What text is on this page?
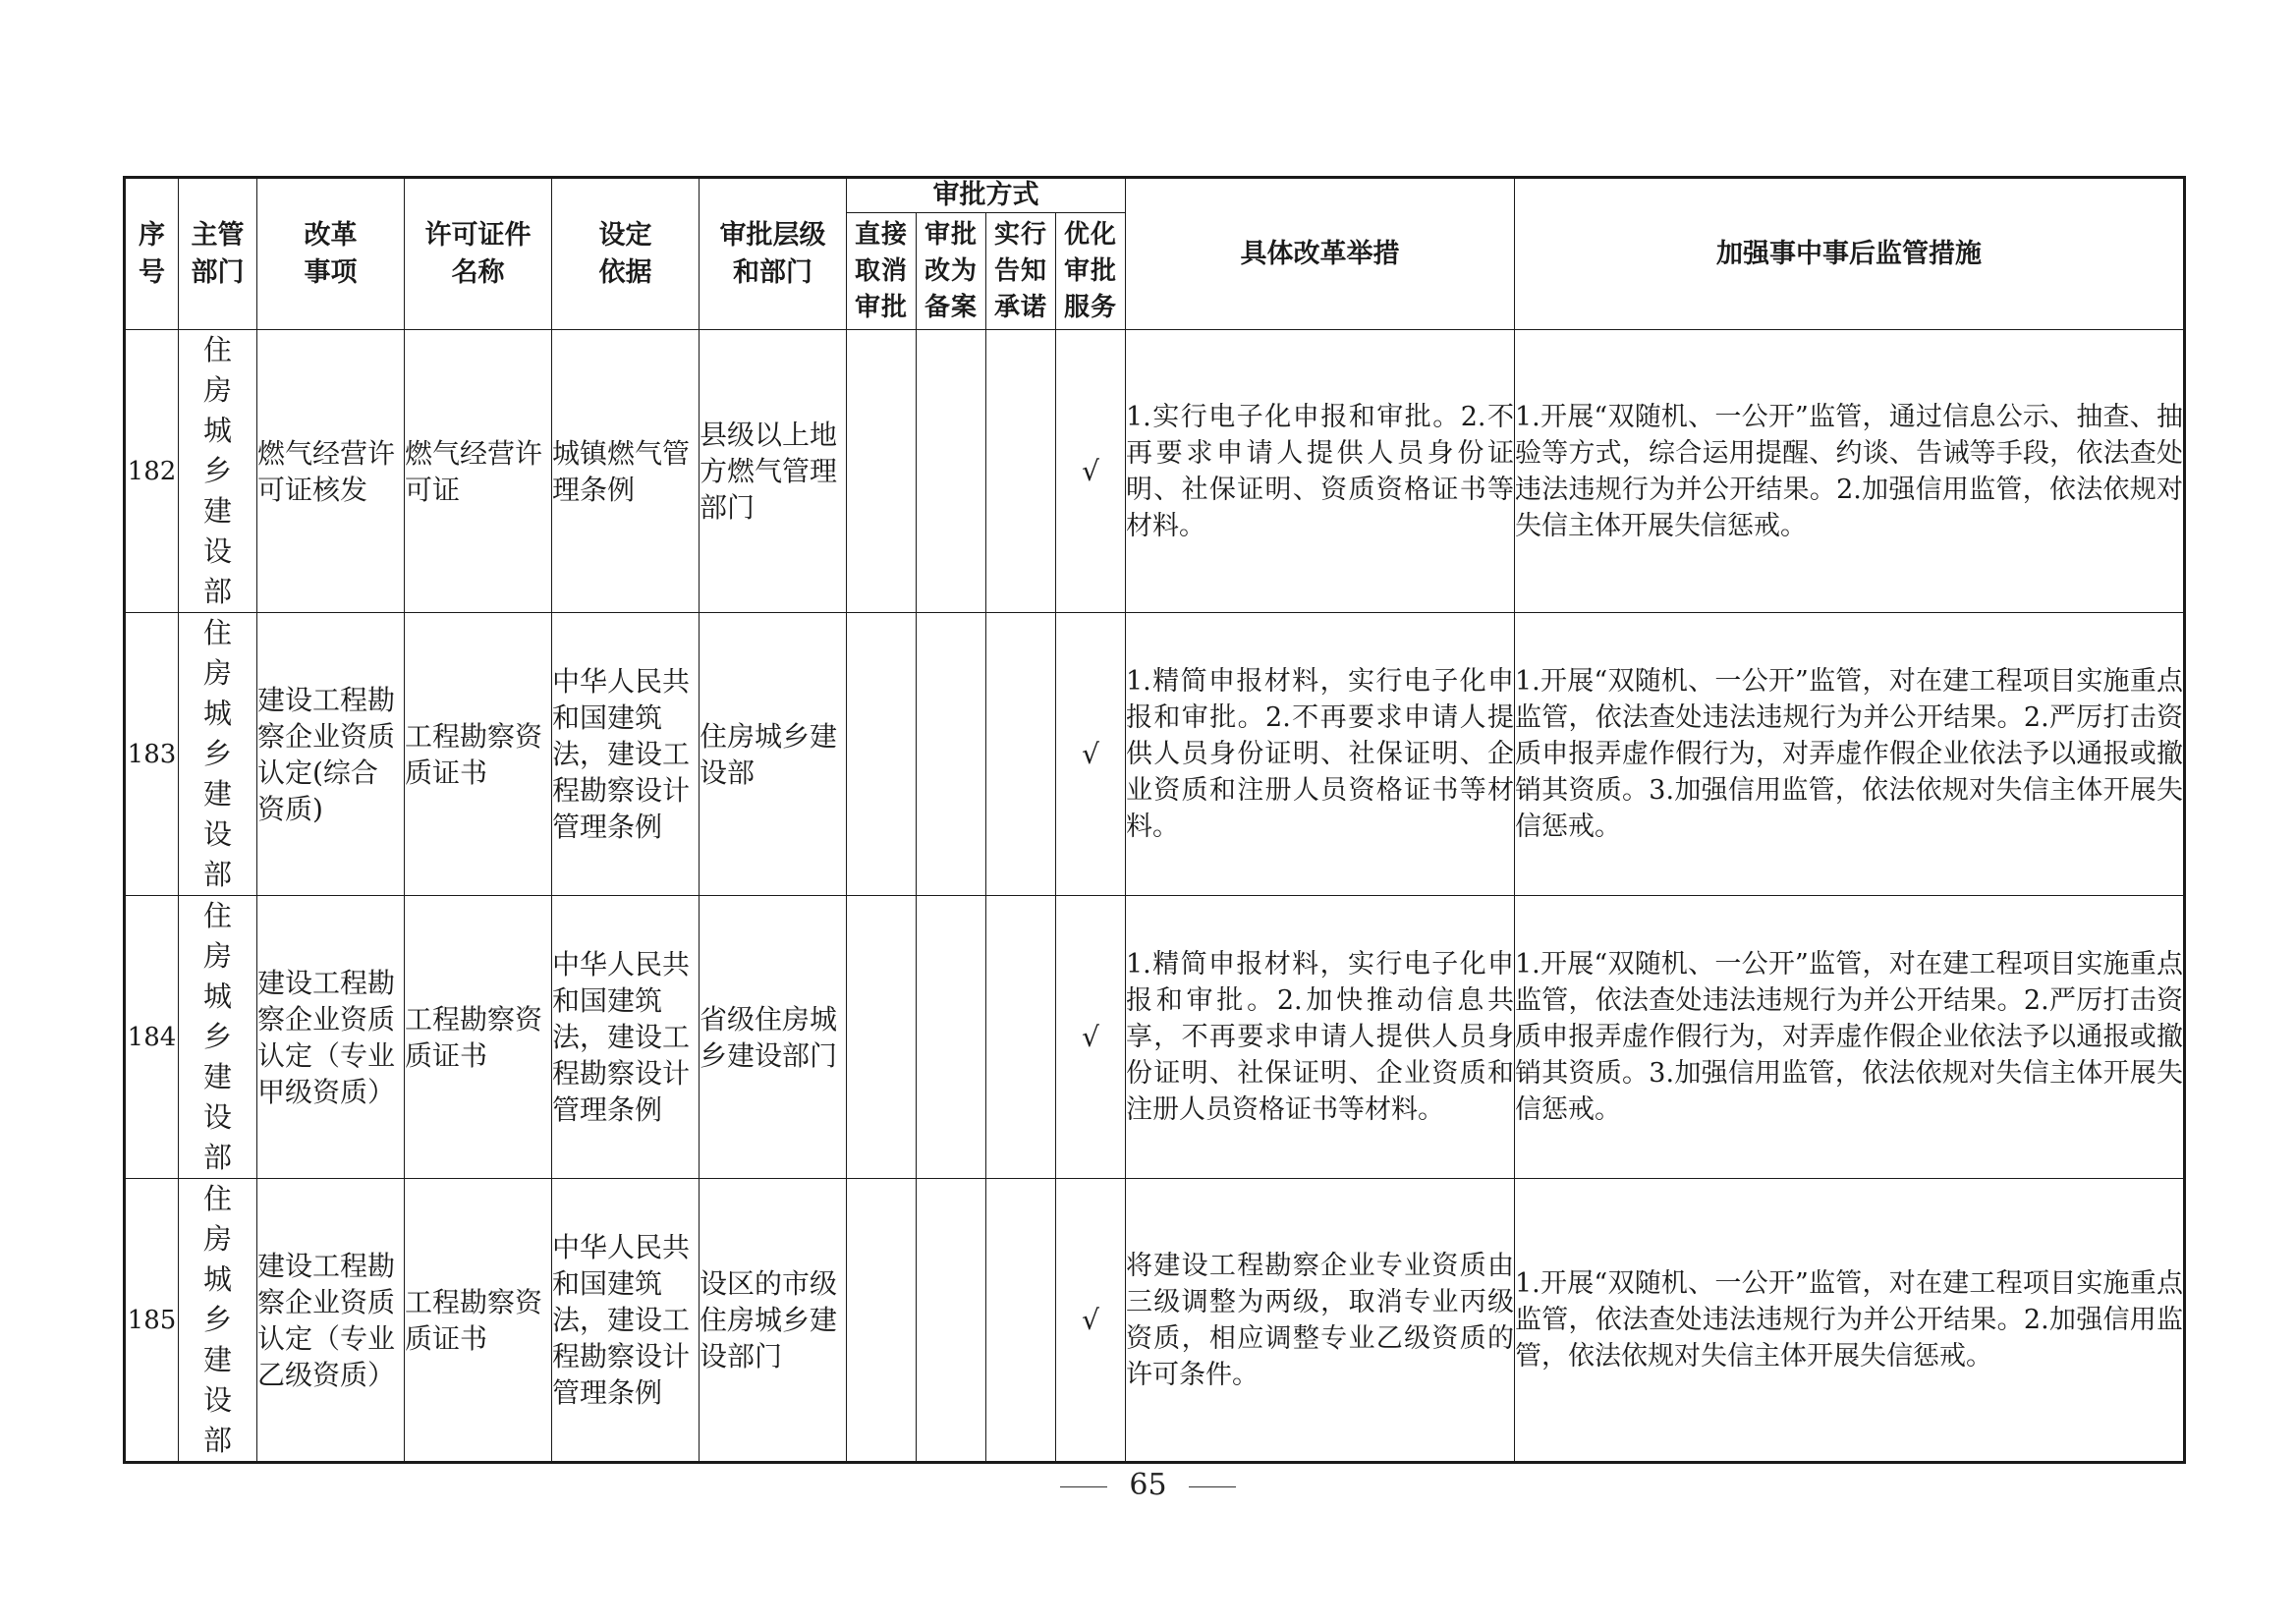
序号	主管部门	改革事项	许可证件名称	设定依据	审批层级和部门	审批方式				具体改革举措	加强事中事后监管措施
						直接取消审批	审批改为备案	实行告知承诺	优化审批服务		
182	住房城乡建设部	燃气经营许可证核发	燃气经营许可证	城镇燃气管理条例	县级以上地方燃气管理部门				√	1.实行电子化申报和审批。2.不再要求申请人提供人员身份证明、社保证明、资质资格证书等材料。	1.开展“双随机、一公开”监管，通过信息公示、抽查、抽验等方式，综合运用提醒、约谈、告诫等手段，依法查处违法违规行为并公开结果。2.加强信用监管，依法依规对失信主体开展失信惩戒。
183	住房城乡建设部	建设工程勘察企业资质认定(综合资质)	工程勘察资质证书	中华人民共和国建筑法，建设工程勘察设计管理条例	住房城乡建设部				√	1.精简申报材料，实行电子化申报和审批。2.不再要求申请人提供人员身份证明、社保证明、企业资质和注册人员资格证书等材料。	1.开展“双随机、一公开”监管，对在建工程项目实施重点监管，依法查处违法违规行为并公开结果。2.严厉打击资质申报弄虚作假行为，对弄虚作假企业依法予以通报或撤销其资质。3.加强信用监管，依法依规对失信主体开展失信惩戒。
184	住房城乡建设部	建设工程勘察企业资质认定（专业甲级资质）	工程勘察资质证书	中华人民共和国建筑法，建设工程勘察设计管理条例	省级住房城乡建设部门				√	1.精简申报材料，实行电子化申报和审批。2.加快推动信息共享，不再要求申请人提供人员身份证明、社保证明、企业资质和注册人员资格证书等材料。	1.开展“双随机、一公开”监管，对在建工程项目实施重点监管，依法查处违法违规行为并公开结果。2.严厉打击资质申报弄虚作假行为，对弄虚作假企业依法予以通报或撤销其资质。3.加强信用监管，依法依规对失信主体开展失信惩戒。
185	住房城乡建设部	建设工程勘察企业资质认定（专业乙级资质）	工程勘察资质证书	中华人民共和国建筑法，建设工程勘察设计管理条例	设区的市级住房城乡建设部门				√	将建设工程勘察企业专业资质由三级调整为两级，取消专业丙级资质，相应调整专业乙级资质的许可条件。	1.开展“双随机、一公开”监管，对在建工程项目实施重点监管，依法查处违法违规行为并公开结果。2.加强信用监管，依法依规对失信主体开展失信惩戒。
65
